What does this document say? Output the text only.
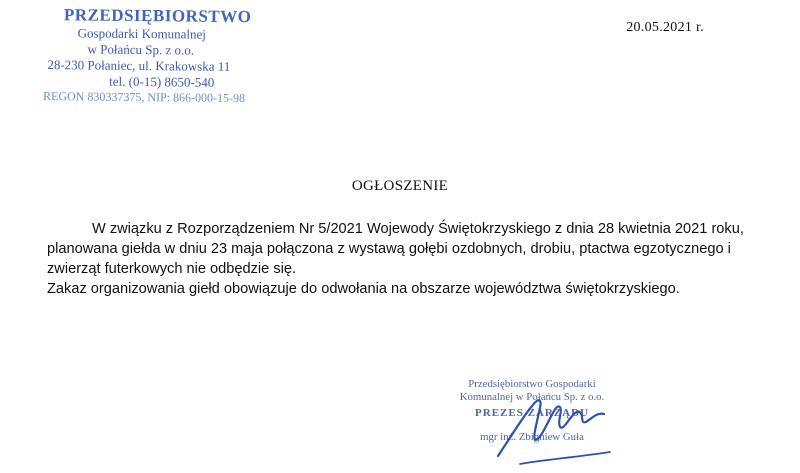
PRZEDSIĘBIORSTWO
Gospodarki Komunalnej
w Połańcu Sp. z o.o.
28-230 Połaniec, ul. Krakowska 11
tel. (0-15) 8650-540
REGON 830337375, NIP: 866-000-15-98
20.05.2021 r.
OGŁOSZENIE
W związku z Rozporządzeniem Nr 5/2021 Wojewody Świętokrzyskiego z dnia 28 kwietnia 2021 roku, planowana giełda w dniu 23 maja połączona z wystawą gołębi ozdobnych, drobiu, ptactwa egzotycznego i zwierząt futerkowych nie odbędzie się.
Zakaz organizowania giełd obowiązuje do odwołania na obszarze województwa świętokrzyskiego.
Przedsiębiorstwo Gospodarki
Komunalnej w Połańcu Sp. z o.o.
PREZES ZARZĄDU
mgr inż. Zbigniew Guła
